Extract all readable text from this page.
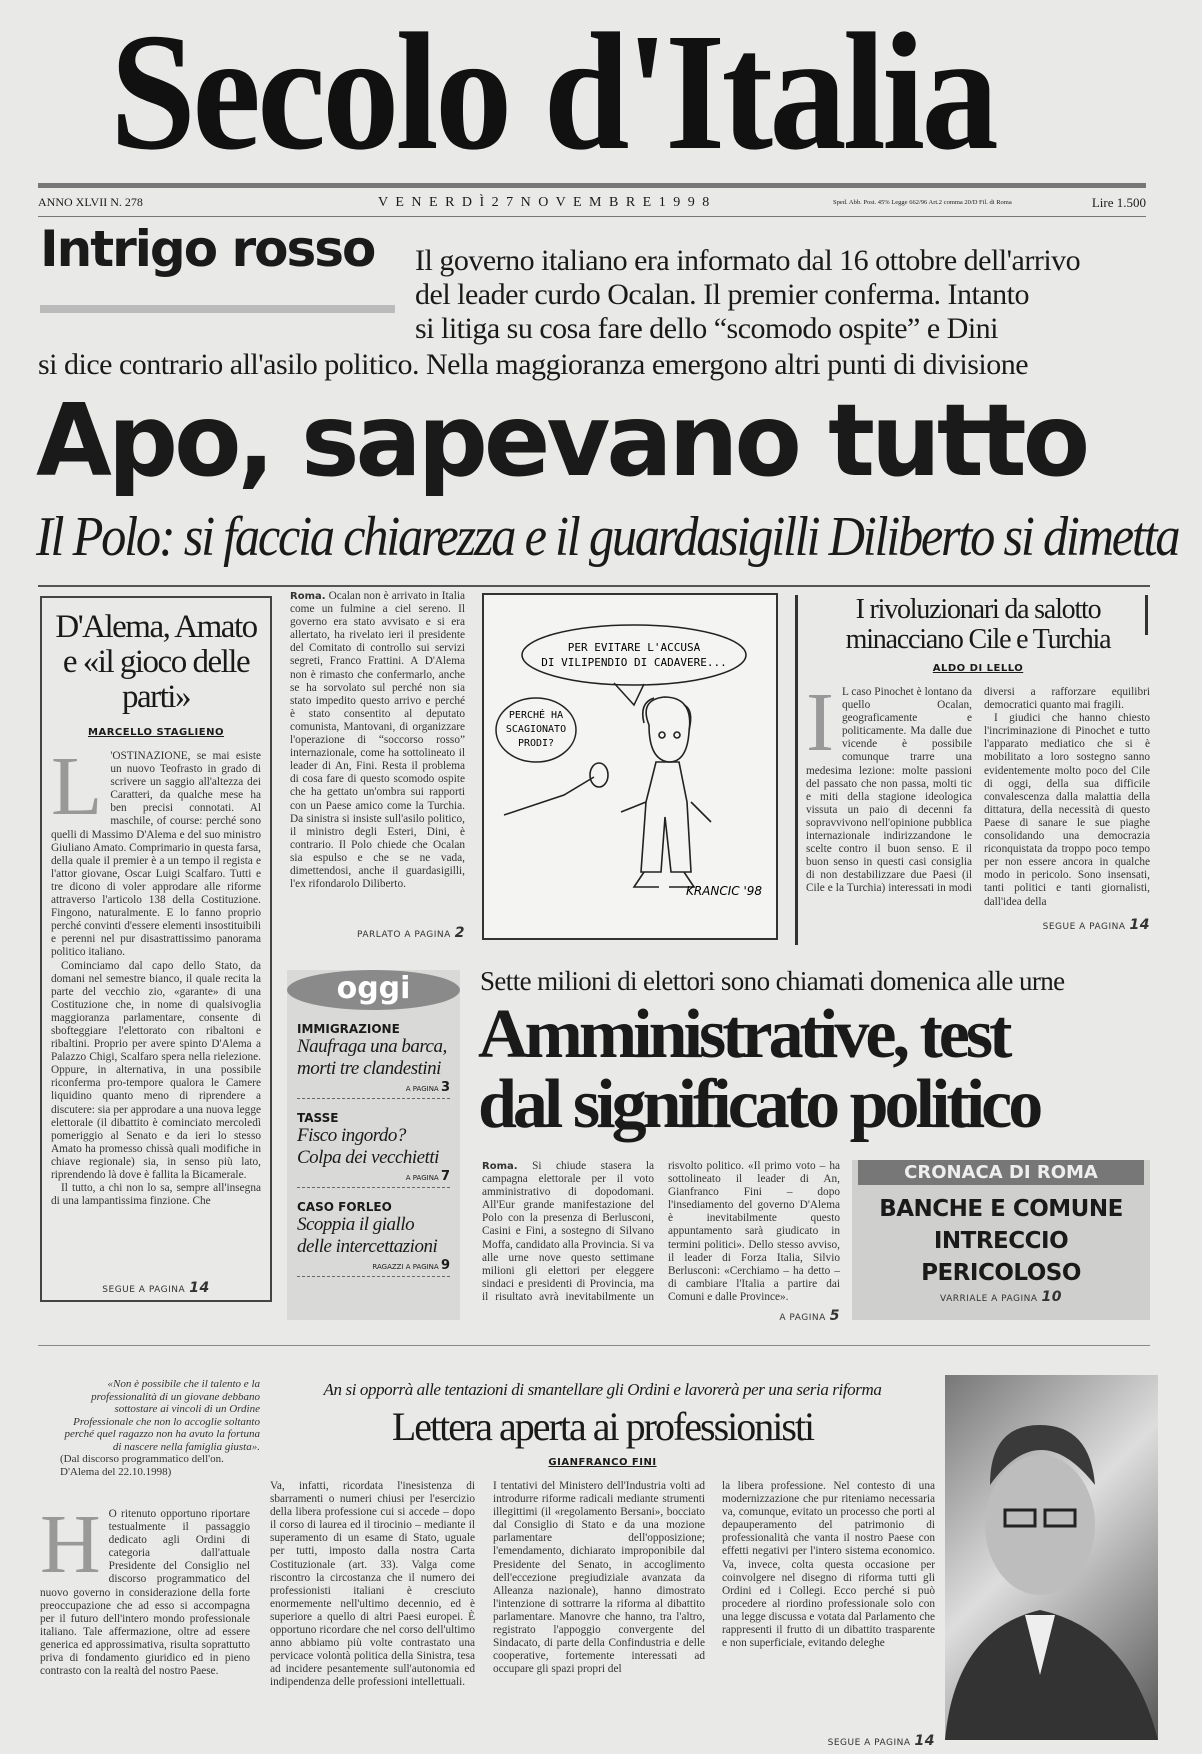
Secolo d'Italia
ANNO XLVII N. 278	V E N E R D Ì 2 7 N O V E M B R E 1 9 9 8	Sped. Abb. Post. 45% Legge 662/96 Art.2 comma 20/D Fil. di Roma	Lire 1.500
Intrigo rosso Il governo italiano era informato dal 16 ottobre dell'arrivo
del leader curdo Ocalan. Il premier conferma. Intanto
si litiga su cosa fare dello “scomodo ospite” e Dini
si dice contrario all'asilo politico. Nella maggioranza emergono altri punti di divisione
Apo, sapevano tutto
Il Polo: si faccia chiarezza e il guardasigilli Diliberto si dimetta
D'Alema, Amato e «il gioco delle parti»
MARCELLO STAGLIENO
L 'OSTINAZIONE, se mai esiste un nuovo Teofrasto in grado di scrivere un saggio all'altezza dei Caratteri, da qualche mese ha ben precisi connotati. Al maschile, of course: perché sono quelli di Massimo D'Alema e del suo ministro Giuliano Amato. Comprimario in questa farsa, della quale il premier è a un tempo il regista e l'attor giovane, Oscar Luigi Scalfaro. Tutti e tre dicono di voler approdare alle riforme attraverso l'articolo 138 della Costituzione. Fingono, naturalmente. E lo fanno proprio perché convinti d'essere elementi insostituibili e perenni nel pur disastrattissimo panorama politico italiano.

Cominciamo dal capo dello Stato, da domani nel semestre bianco, il quale recita la parte del vecchio zio, «garante» di una Costituzione che, in nome di qualsivoglia maggioranza parlamentare, consente di sbofteggiare l'elettorato con ribaltoni e ribaltini. Proprio per avere spinto D'Alema a Palazzo Chigi, Scalfaro spera nella rielezione. Oppure, in alternativa, in una possibile riconferma pro-tempore qualora le Camere liquidino quanto meno di riprendere a discutere: sia per approdare a una nuova legge elettorale (il dibattito è cominciato mercoledì pomeriggio al Senato e da ieri lo stesso Amato ha promesso chissà quali modifiche in chiave regionale) sia, in senso più lato, riprendendo là dove è fallita la Bicamerale.

Il tutto, a chi non lo sa, sempre all'insegna di una lampantissima finzione. Che

SEGUE A PAGINA 14
Roma. Ocalan non è arrivato in Italia come un fulmine a ciel sereno. Il governo era stato avvisato e si era allertato, ha rivelato ieri il presidente del Comitato di controllo sui servizi segreti, Franco Frattini. A D'Alema non è rimasto che confermarlo, anche se ha sorvolato sul perché non sia stato impedito questo arrivo e perché è stato consentito al deputato comunista, Mantovani, di organizzare l'operazione di “soccorso rosso” internazionale, come ha sottolineato il leader di An, Fini. Resta il problema di cosa fare di questo scomodo ospite che ha gettato un'ombra sui rapporti con un Paese amico come la Turchia. Da sinistra si insiste sull'asilo politico, il ministro degli Esteri, Dini, è contrario. Il Polo chiede che Ocalan sia espulso e che se ne vada, dimettendosi, anche il guardasigilli, l'ex rifondarolo Diliberto.
PARLATO A PAGINA 2
PER EVITARE L'ACCUSA
DI VILIPENDIO DI CADAVERE...
PERCHÉ HA
SCAGIONATO
PRODI?
KRANCIC '98
I rivoluzionari da salotto minacciano Cile e Turchia
ALDO DI LELLO
I L caso Pinochet è lontano da quello Ocalan, geograficamente e politicamente. Ma dalle due vicende è possibile comunque trarre una medesima lezione: molte passioni del passato che non passa, molti tic e miti della stagione ideologica vissuta un paio di decenni fa sopravvivono nell'opinione pubblica internazionale indirizzandone le scelte contro il buon senso. E il buon senso in questi casi consiglia di non destabilizzare due Paesi (il Cile e la Turchia) interessati in modi diversi a rafforzare equilibri democratici quanto mai fragili.

I giudici che hanno chiesto l'incriminazione di Pinochet e tutto l'apparato mediatico che si è mobilitato a loro sostegno sanno evidentemente molto poco del Cile di oggi, della sua difficile convalescenza dalla malattia della dittatura, della necessità di questo Paese di sanare le sue piaghe consolidando una democrazia riconquistata da troppo poco tempo per non essere ancora in qualche modo in pericolo. Sono insensati, tanti politici e tanti giornalisti, dall'idea della

SEGUE A PAGINA 14
oggi
IMMIGRAZIONE
Naufraga una barca, morti tre clandestini
A PAGINA 3
TASSE
Fisco ingordo? Colpa dei vecchietti
A PAGINA 7
CASO FORLEO
Scoppia il giallo delle intercettazioni
RAGAZZI A PAGINA 9
Sette milioni di elettori sono chiamati domenica alle urne
Amministrative, test
dal significato politico
Roma. Si chiude stasera la campagna elettorale per il voto amministrativo di dopodomani. All'Eur grande manifestazione del Polo con la presenza di Berlusconi, Casini e Fini, a sostegno di Silvano Moffa, candidato alla Provincia. Si va alle urne nove questo settimane milioni gli elettori per eleggere sindaci e presidenti di Provincia, ma il risultato avrà inevitabilmente un risvolto politico. «Il primo voto – ha sottolineato il leader di An, Gianfranco Fini – dopo l'insediamento del governo D'Alema è inevitabilmente questo appuntamento sarà giudicato in termini politici». Dello stesso avviso, il leader di Forza Italia, Silvio Berlusconi: «Cerchiamo – ha detto – di cambiare l'Italia a partire dai Comuni e dalle Province».
A PAGINA 5
CRONACA DI ROMA
BANCHE E COMUNE
INTRECCIO
PERICOLOSO
VARRIALE A PAGINA 10
«Non è possibile che il talento e la professionalità di un giovane debbano sottostare ai vincoli di un Ordine Professionale che non lo accoglie soltanto perché quel ragazzo non ha avuto la fortuna di nascere nella famiglia giusta».
(Dal discorso programmatico dell'on. D'Alema del 22.10.1998)
An si opporrà alle tentazioni di smantellare gli Ordini e lavorerà per una seria riforma
Lettera aperta ai professionisti
GIANFRANCO FINI
H O ritenuto opportuno riportare testualmente il passaggio dedicato agli Ordini di categoria dall'attuale Presidente del Consiglio nel discorso programmatico del nuovo governo in considerazione della forte preoccupazione che ad esso si accompagna per il futuro dell'intero mondo professionale italiano. Tale affermazione, oltre ad essere generica ed approssimativa, risulta soprattutto priva di fondamento giuridico ed in pieno contrasto con la realtà del nostro Paese.

Va, infatti, ricordata l'inesistenza di sbarramenti o numeri chiusi per l'esercizio della libera professione cui si accede – dopo il corso di laurea ed il tirocinio – mediante il superamento di un esame di Stato, uguale per tutti, imposto dalla nostra Carta Costituzionale (art. 33). Valga come riscontro la circostanza che il numero dei professionisti italiani è cresciuto enormemente nell'ultimo decennio, ed è superiore a quello di altri Paesi europei. È opportuno ricordare che nel corso dell'ultimo anno abbiamo più volte contrastato una pervicace volontà politica della Sinistra, tesa ad incidere pesantemente sull'autonomia ed indipendenza delle professioni intellettuali.
I tentativi del Ministero dell'Industria volti ad introdurre riforme radicali mediante strumenti illegittimi (il «regolamento Bersani», bocciato dal Consiglio di Stato e da una mozione parlamentare dell'opposizione; l'emendamento, dichiarato improponibile dal Presidente del Senato, in accoglimento dell'eccezione pregiudiziale avanzata da Alleanza nazionale), hanno dimostrato l'intenzione di sottrarre la riforma al dibattito parlamentare. Manovre che hanno, tra l'altro, registrato l'appoggio convergente del Sindacato, di parte della Confindustria e delle cooperative, fortemente interessati ad occupare gli spazi propri del
la libera professione. Nel contesto di una modernizzazione che pur riteniamo necessaria va, comunque, evitato un processo che porti al depauperamento del patrimonio di professionalità che vanta il nostro Paese con effetti negativi per l'intero sistema economico. Va, invece, colta questa occasione per coinvolgere nel disegno di riforma tutti gli Ordini ed i Collegi. Ecco perché si può procedere al riordino professionale solo con una legge discussa e votata dal Parlamento che rappresenti il frutto di un dibattito trasparente e non superficiale, evitando deleghe
SEGUE A PAGINA 14
